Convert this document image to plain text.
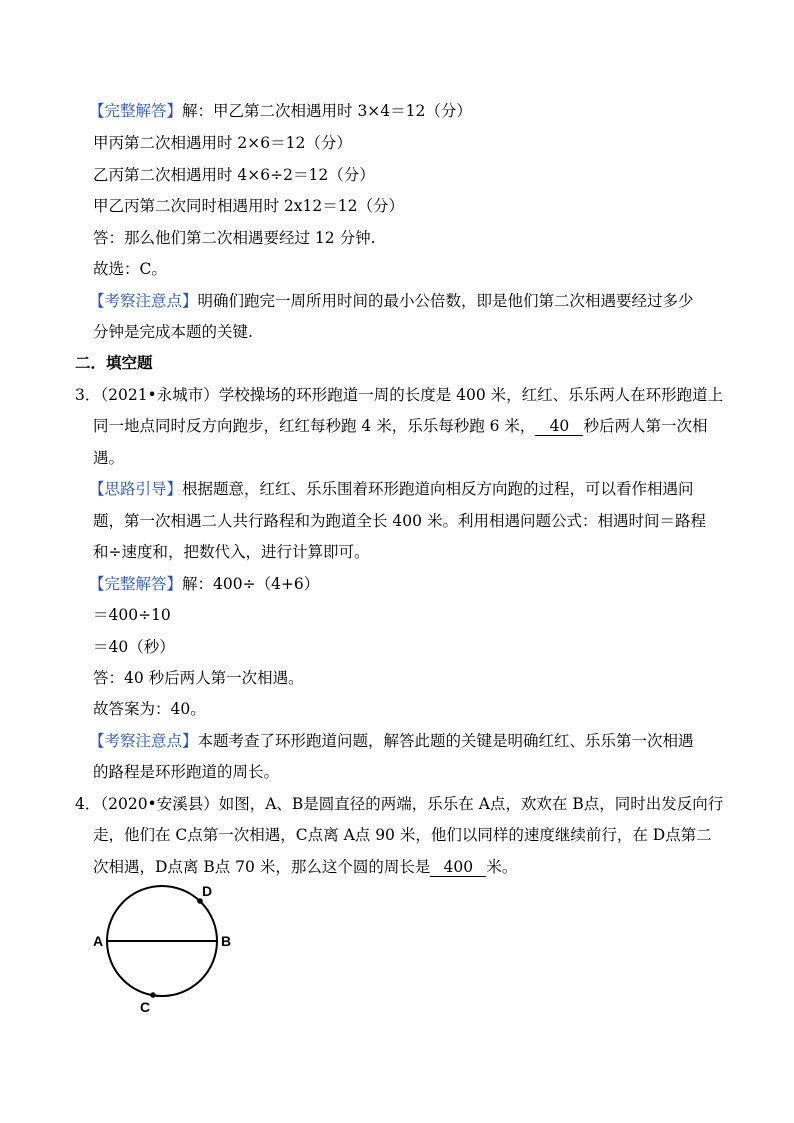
【完整解答】解：甲乙第二次相遇用时 3×4＝12（分）
甲丙第二次相遇用时 2×6＝12（分）
乙丙第二次相遇用时 4×6÷2＝12（分）
甲乙丙第二次同时相遇用时 2x12＝12（分）
答：那么他们第二次相遇要经过 12 分钟.
故选：C。
【考察注意点】明确们跑完一周所用时间的最小公倍数，即是他们第二次相遇要经过多少
分钟是完成本题的关键.
二．填空题
3．（2021•永城市）学校操场的环形跑道一周的长度是 400 米，红红、乐乐两人在环形跑道上
同一地点同时反方向跑步，红红每秒跑 4 米，乐乐每秒跑 6 米， 40 秒后两人第一次相
遇。
【思路引导】根据题意，红红、乐乐围着环形跑道向相反方向跑的过程，可以看作相遇问
题，第一次相遇二人共行路程和为跑道全长 400 米。利用相遇问题公式：相遇时间＝路程
和÷速度和，把数代入，进行计算即可。
【完整解答】解：400÷（4+6）
＝400÷10
＝40（秒）
答：40 秒后两人第一次相遇。
故答案为：40。
【考察注意点】本题考查了环形跑道问题，解答此题的关键是明确红红、乐乐第一次相遇
的路程是环形跑道的周长。
4．（2020•安溪县）如图，A、B是圆直径的两端，乐乐在 A点，欢欢在 B点，同时出发反向行
走，他们在 C点第一次相遇，C点离 A点 90 米，他们以同样的速度继续前行，在 D点第二
次相遇，D点离 B点 70 米，那么这个圆的周长是 400 米。
A	B
D
C
